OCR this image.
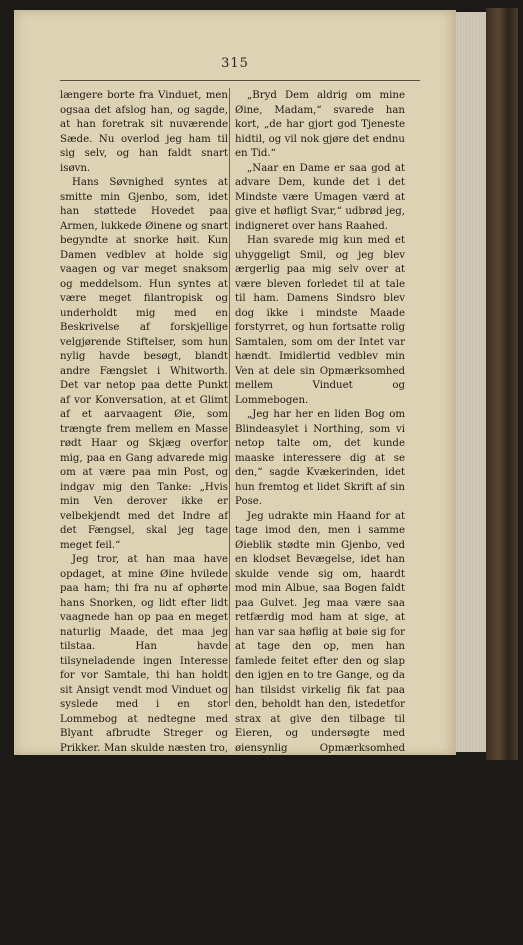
315

længere borte fra Vinduet, men ogsaa det afslog han, og sagde, at han foretrak sit nuværende Sæde. Nu overlod jeg ham til sig selv, og han faldt snart isøvn.

Hans Søvnighed syntes at smitte min Gjenbo, som, idet han støttede Hovedet paa Armen, lukkede Øinene og snart begyndte at snorke høit. Kun Damen vedblev at holde sig vaagen og var meget snaksom og meddelsom. Hun syntes at være meget filantropisk og underholdt mig med en Beskrivelse af forskjellige velgjørende Stiftelser, som hun nylig havde besøgt, blandt andre Fængslet i Whitworth. Det var netop paa dette Punkt af vor Konversation, at et Glimt af et aarvaagent Øie, som trængte frem mellem en Masse rødt Haar og Skjæg overfor mig, paa en Gang advarede mig om at være paa min Post, og indgav mig den Tanke: „Hvis min Ven derover ikke er velbekjendt med det Indre af det Fængsel, skal jeg tage meget feil.“

Jeg tror, at han maa have opdaget, at mine Øine hvilede paa ham; thi fra nu af ophørte hans Snorken, og lidt efter lidt vaagnede han op paa en meget naturlig Maade, det maa jeg tilstaa. Han havde tilsyneladende ingen Interesse for vor Samtale, thi han holdt sit Ansigt vendt mod Vinduet og syslede med i en stor Lommebog at nedtegne med Blyant afbrudte Streger og Prikker. Man skulde næsten tro, at han skitserede eller ialfald forsøgte at gjøre det. Rigtignok et ganske nyt Experiment i en Jernbanevogn, endog nu, da altting gaar ud paa at benytte Tiden. Kvækerinden syntes ogsaa at antage det samme.

„Undskyld, min Ven,“ sagde hun, „men det er sikkert ikke godt at tegne her, naar Vognen ryster saaledes. Hvis du ikke tager dig iagt, vil du for bestandig skade dine Øine.“

„Bryd Dem aldrig om mine Øine, Madam,“ svarede han kort, „de har gjort god Tjeneste hidtil, og vil nok gjøre det endnu en Tid.“

„Naar en Dame er saa god at advare Dem, kunde det i det Mindste være Umagen værd at give et høfligt Svar,“ udbrød jeg, indigneret over hans Raahed.

Han svarede mig kun med et uhyggeligt Smil, og jeg blev ærgerlig paa mig selv over at være bleven forledet til at tale til ham. Damens Sindsro blev dog ikke i mindste Maade forstyrret, og hun fortsatte rolig Samtalen, som om der Intet var hændt. Imidlertid vedblev min Ven at dele sin Opmærksomhed mellem Vinduet og Lommebogen.

„Jeg har her en liden Bog om Blindeasylet i Northing, som vi netop talte om, det kunde maaske interessere dig at se den,“ sagde Kvækerinden, idet hun fremtog et lidet Skrift af sin Pose.

Jeg udrakte min Haand for at tage imod den, men i samme Øieblik stødte min Gjenbo, ved en klodset Bevægelse, idet han skulde vende sig om, haardt mod min Albue, saa Bogen faldt paa Gulvet. Jeg maa være saa retfærdig mod ham at sige, at han var saa høflig at bøie sig for at tage den op, men han famlede feitet efter den og slap den igjen en to tre Gange, og da han tilsidst virkelig fik fat paa den, beholdt han den, istedetfor strax at give den tilbage til Eieren, og undersøgte med øiensynlig Opmærksomhed Titelbladet. Jeg følte mig fristet til atter at optage dette som Ufordskammethed, men Damen faa Sagen fra en anden Side og sagde godmodig: „Hvis du interesserer dig for Sagen, saa er her et andet Skrift til dig.“

„Tak Madam,“ svarede han lidt høfligere end før, „vil De ikke give den anden Herre det, saa beholder jeg dette.“
